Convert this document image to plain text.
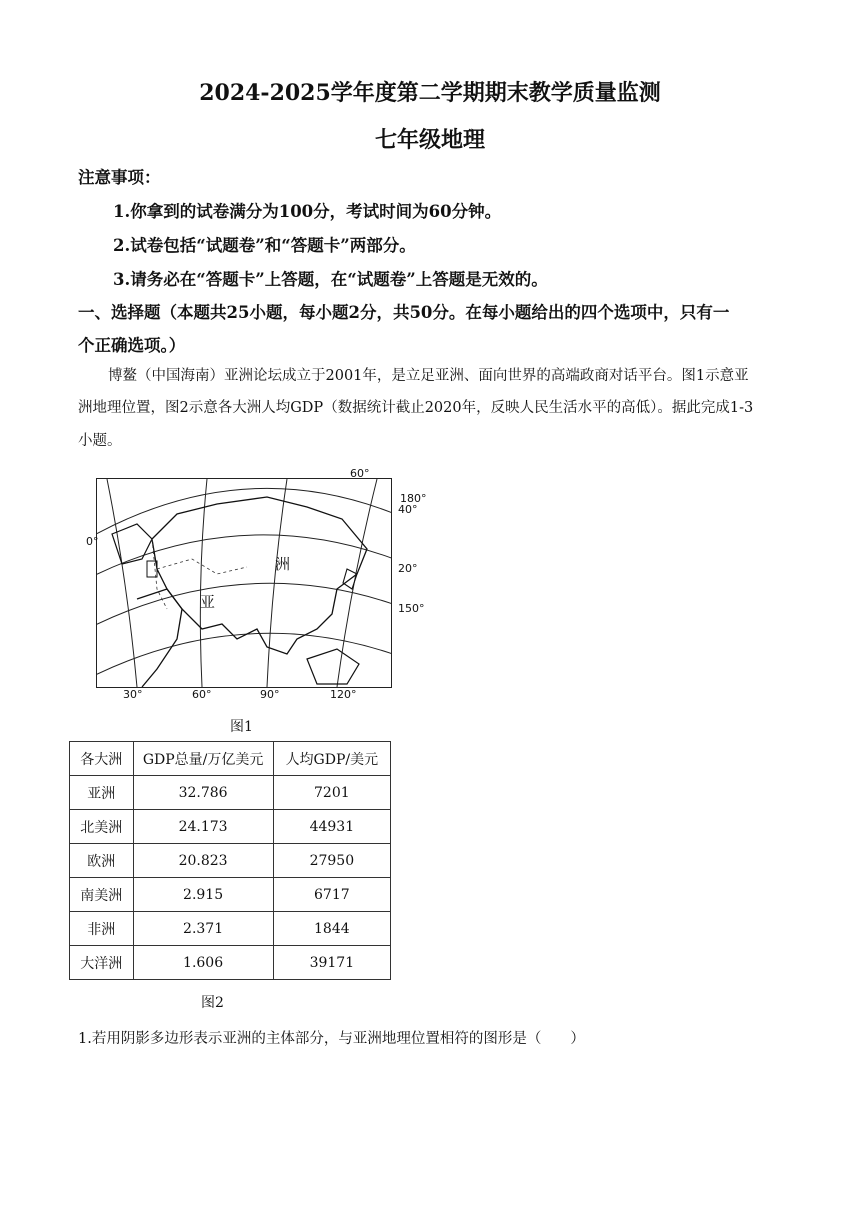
2024-2025学年度第二学期期末教学质量监测
七年级地理
注意事项：
1.你拿到的试卷满分为100分，考试时间为60分钟。
2.试卷包括“试题卷”和“答题卡”两部分。
3.请务必在“答题卡”上答题，在“试题卷”上答题是无效的。
一、选择题（本题共25小题，每小题2分，共50分。在每小题给出的四个选项中，只有一
个正确选项。）
博鳌（中国海南）亚洲论坛成立于2001年，是立足亚洲、面向世界的高端政商对话平台。图1示意亚
洲地理位置，图2示意各大洲人均GDP（数据统计截止2020年，反映人民生活水平的高低）。据此完成1-3
小题。
亚
洲
60°
180°
40°
0°
20°
150°
30°	60°	90°	120°
图1
各大洲	GDP总量/万亿美元	人均GDP/美元
亚洲	32.786	7201
北美洲	24.173	44931
欧洲	20.823	27950
南美洲	2.915	6717
非洲	2.371	1844
大洋洲	1.606	39171
图2
1.若用阴影多边形表示亚洲的主体部分，与亚洲地理位置相符的图形是（　　）
